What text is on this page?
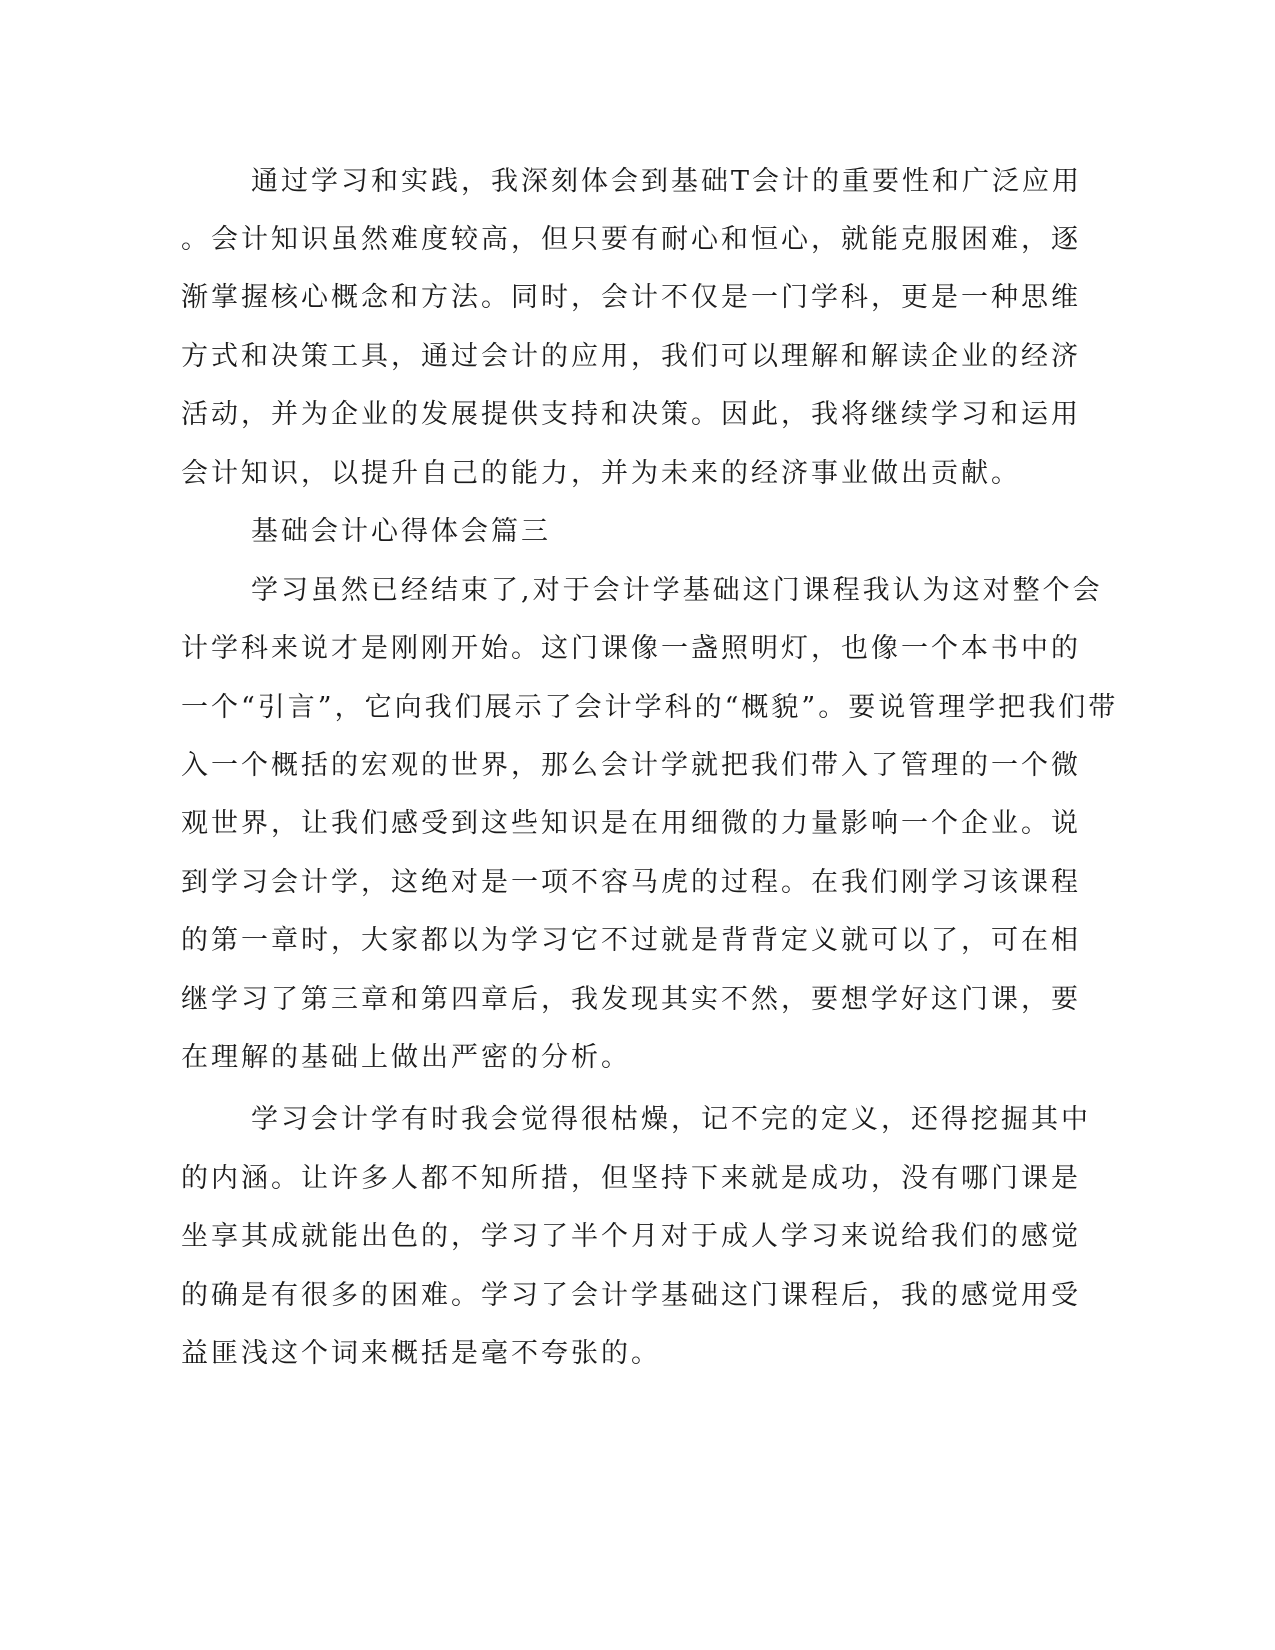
通过学习和实践，我深刻体会到基础T会计的重要性和广泛应用
。会计知识虽然难度较高，但只要有耐心和恒心，就能克服困难，逐
渐掌握核心概念和方法。同时，会计不仅是一门学科，更是一种思维
方式和决策工具，通过会计的应用，我们可以理解和解读企业的经济
活动，并为企业的发展提供支持和决策。因此，我将继续学习和运用
会计知识，以提升自己的能力，并为未来的经济事业做出贡献。
基础会计心得体会篇三
学习虽然已经结束了,对于会计学基础这门课程我认为这对整个会
计学科来说才是刚刚开始。这门课像一盏照明灯，也像一个本书中的
一个“引言”，它向我们展示了会计学科的“概貌”。要说管理学把我们带
入一个概括的宏观的世界，那么会计学就把我们带入了管理的一个微
观世界，让我们感受到这些知识是在用细微的力量影响一个企业。说
到学习会计学，这绝对是一项不容马虎的过程。在我们刚学习该课程
的第一章时，大家都以为学习它不过就是背背定义就可以了，可在相
继学习了第三章和第四章后，我发现其实不然，要想学好这门课，要
在理解的基础上做出严密的分析。
学习会计学有时我会觉得很枯燥，记不完的定义，还得挖掘其中
的内涵。让许多人都不知所措，但坚持下来就是成功，没有哪门课是
坐享其成就能出色的，学习了半个月对于成人学习来说给我们的感觉
的确是有很多的困难。学习了会计学基础这门课程后，我的感觉用受
益匪浅这个词来概括是毫不夸张的。
